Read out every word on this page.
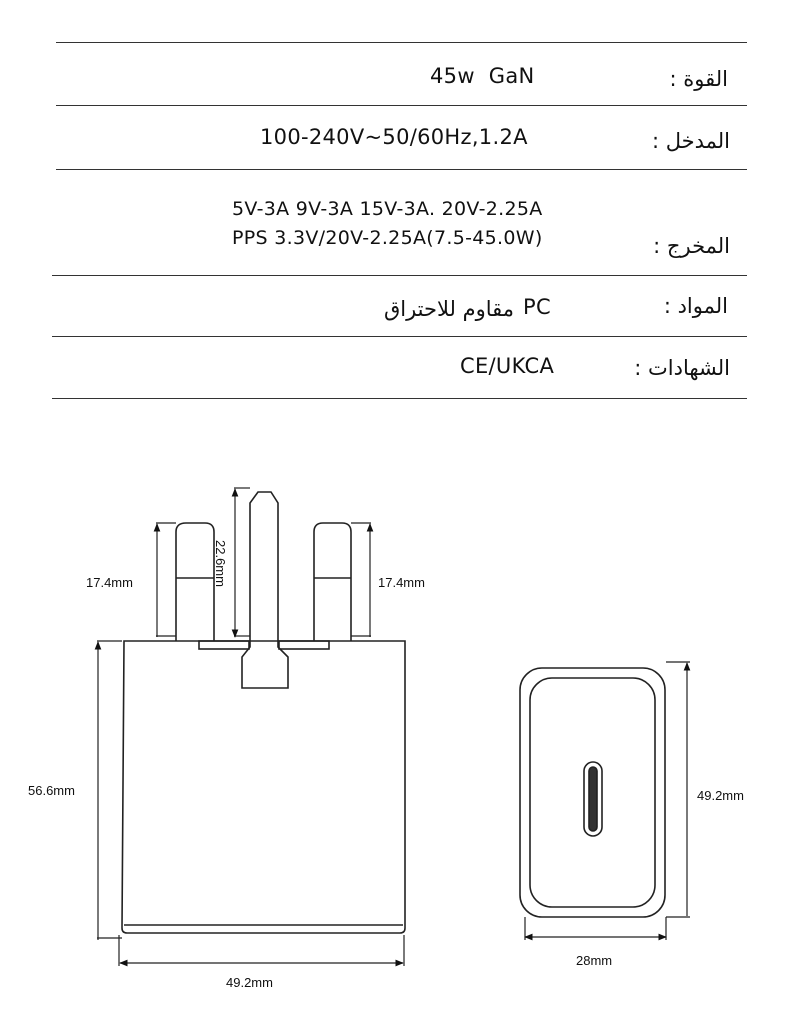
القوة :
45w  GaN
المدخل :
100-240V~50/60Hz,1.2A
المخرج :
5V-3A 9V-3A 15V-3A. 20V-2.25A
PPS 3.3V/20V-2.25A(7.5-45.0W)
المواد :
PC
مقاوم للاحتراق
الشهادات :
CE/UKCA
17.4mm	22.6mm	17.4mm
56.6mm
49.2mm
49.2mm
28mm
